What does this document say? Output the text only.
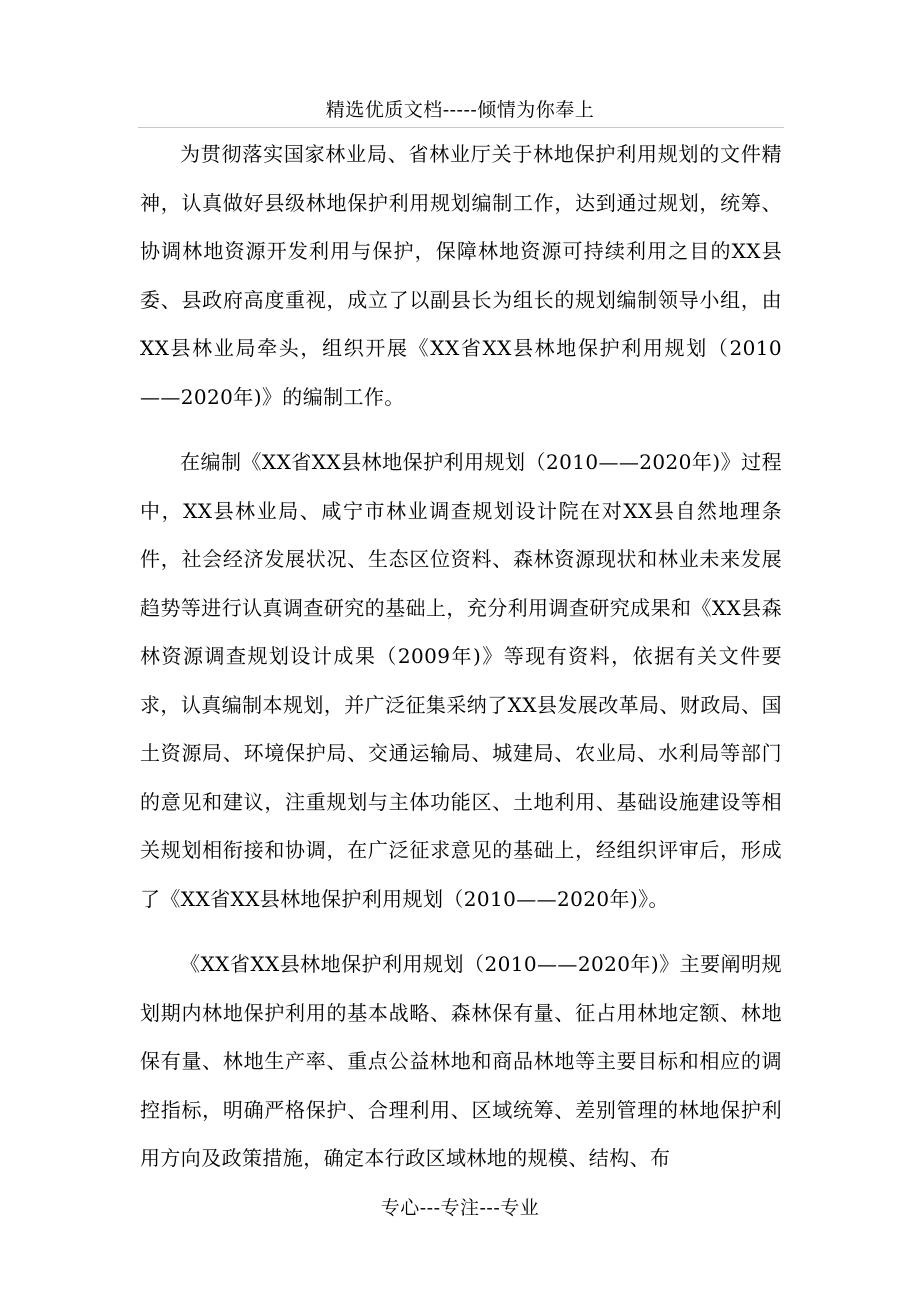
精选优质文档-----倾情为你奉上

为贯彻落实国家林业局、省林业厅关于林地保护利用规划的文件精神，认真做好县级林地保护利用规划编制工作，达到通过规划，统筹、协调林地资源开发利用与保护，保障林地资源可持续利用之目的XX县委、县政府高度重视，成立了以副县长为组长的规划编制领导小组，由XX县林业局牵头，组织开展《XX省XX县林地保护利用规划（2010——2020年)》的编制工作。

在编制《XX省XX县林地保护利用规划（2010——2020年)》过程中，XX县林业局、咸宁市林业调查规划设计院在对XX县自然地理条件，社会经济发展状况、生态区位资料、森林资源现状和林业未来发展趋势等进行认真调查研究的基础上，充分利用调查研究成果和《XX县森林资源调查规划设计成果（2009年)》等现有资料，依据有关文件要求，认真编制本规划，并广泛征集采纳了XX县发展改革局、财政局、国土资源局、环境保护局、交通运输局、城建局、农业局、水利局等部门的意见和建议，注重规划与主体功能区、土地利用、基础设施建设等相关规划相衔接和协调，在广泛征求意见的基础上，经组织评审后，形成了《XX省XX县林地保护利用规划（2010——2020年)》。

《XX省XX县林地保护利用规划（2010——2020年)》主要阐明规划期内林地保护利用的基本战略、森林保有量、征占用林地定额、林地保有量、林地生产率、重点公益林地和商品林地等主要目标和相应的调控指标，明确严格保护、合理利用、区域统筹、差别管理的林地保护利用方向及政策措施，确定本行政区域林地的规模、结构、布

专心---专注---专业
